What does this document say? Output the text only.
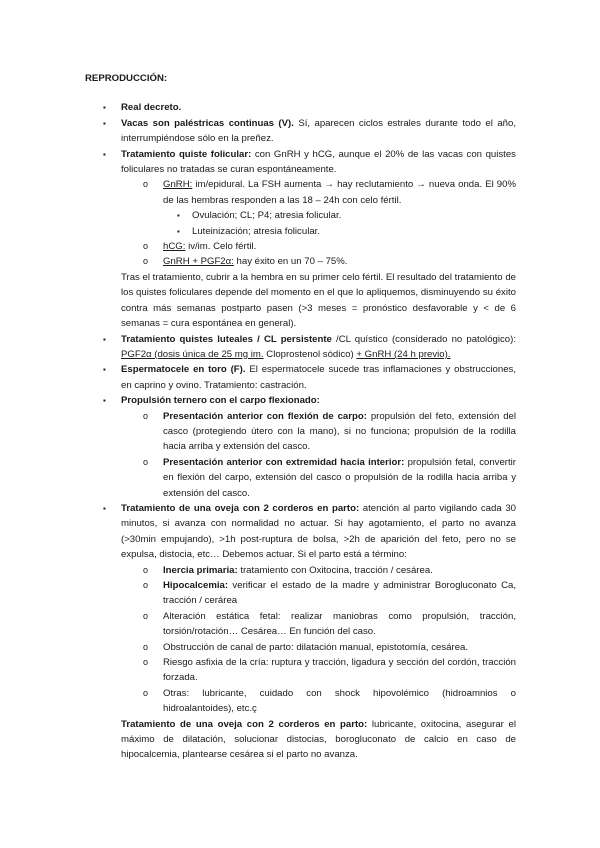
REPRODUCCIÓN:
▪ Real decreto.
▪ Vacas son paléstricas continuas (V). Sí, aparecen ciclos estrales durante todo el año, interrumpiéndose sólo en la preñez.
▪ Tratamiento quiste folicular: con GnRH y hCG, aunque el 20% de las vacas con quistes foliculares no tratadas se curan espontáneamente.
o GnRH: im/epidural. La FSH aumenta → hay reclutamiento → nueva onda. El 90% de las hembras responden a las 18 – 24h con celo fértil.
▪ Ovulación; CL; P4; atresia folicular.
▪ Luteinización; atresia folicular.
o hCG: iv/im. Celo fértil.
o GnRH + PGF2α: hay éxito en un 70 – 75%.
Tras el tratamiento, cubrir a la hembra en su primer celo fértil. El resultado del tratamiento de los quistes foliculares depende del momento en el que lo apliquemos, disminuyendo su éxito contra más semanas postparto pasen (>3 meses = pronóstico desfavorable y < de 6 semanas = cura espontánea en general).
▪ Tratamiento quistes luteales / CL persistente /CL quístico (considerado no patológico): PGF2α (dosis única de 25 mg im. Cloprostenol sódico) + GnRH (24 h previo).
▪ Espermatocele en toro (F). El espermatocele sucede tras inflamaciones y obstrucciones, en caprino y ovino. Tratamiento: castración.
▪ Propulsión ternero con el carpo flexionado:
o Presentación anterior con flexión de carpo: propulsión del feto, extensión del casco (protegiendo útero con la mano), si no funciona; propulsión de la rodilla hacia arriba y extensión del casco.
o Presentación anterior con extremidad hacia interior: propulsión fetal, convertir en flexión del carpo, extensión del casco o propulsión de la rodilla hacia arriba y extensión del casco.
▪ Tratamiento de una oveja con 2 corderos en parto: atención al parto vigilando cada 30 minutos, si avanza con normalidad no actuar. Si hay agotamiento, el parto no avanza (>30min empujando), >1h post-ruptura de bolsa, >2h de aparición del feto, pero no se expulsa, distocia, etc… Debemos actuar. Si el parto está a término:
o Inercia primaria: tratamiento con Oxitocina, tracción / cesárea.
o Hipocalcemia: verificar el estado de la madre y administrar Borogluconato Ca, tracción / cerárea
o Alteración estática fetal: realizar maniobras como propulsión, tracción, torsión/rotación… Cesárea… En función del caso.
o Obstrucción de canal de parto: dilatación manual, epistotomía, cesárea.
o Riesgo asfixia de la cría: ruptura y tracción, ligadura y sección del cordón, tracción forzada.
o Otras: lubricante, cuidado con shock hipovolémico (hidroamnios o hidroalantoides), etc.ç
Tratamiento de una oveja con 2 corderos en parto: lubricante, oxitocina, asegurar el máximo de dilatación, solucionar distocias, borogluconato de calcio en caso de hipocalcemia, plantearse cesárea si el parto no avanza.
